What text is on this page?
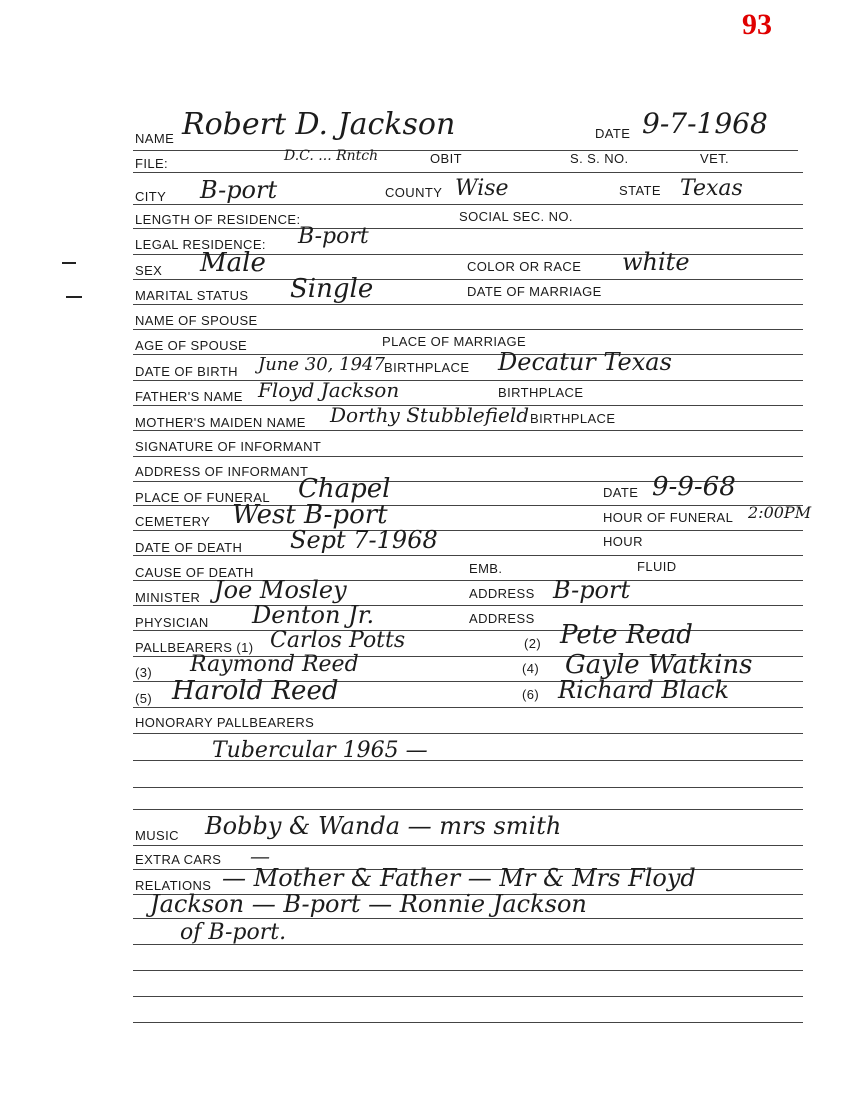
93
NAME Robert D. Jackson	DATE 9-7-1968
FILE:	D.C. ... Rntch	OBIT	S. S. NO.	VET.
CITY B-port	COUNTY Wise	STATE Texas
LENGTH OF RESIDENCE:	SOCIAL SEC. NO.
LEGAL RESIDENCE: B-port
SEX Male	COLOR OR RACE white
MARITAL STATUS Single	DATE OF MARRIAGE
NAME OF SPOUSE
AGE OF SPOUSE	PLACE OF MARRIAGE
DATE OF BIRTH June 30, 1947 BIRTHPLACE Decatur Texas
FATHER'S NAME Floyd Jackson	BIRTHPLACE
MOTHER'S MAIDEN NAME Dorthy Stubblefield BIRTHPLACE
SIGNATURE OF INFORMANT
ADDRESS OF INFORMANT
PLACE OF FUNERAL Chapel	DATE 9-9-68
CEMETERY West B-port	HOUR OF FUNERAL 2:00PM
DATE OF DEATH Sept 7-1968	HOUR
CAUSE OF DEATH	EMB.	FLUID
MINISTER Joe Mosley	ADDRESS B-port
PHYSICIAN Denton Jr.	ADDRESS
PALLBEARERS (1) Carlos Potts	(2) Pete Read
(3) Raymond Reed	(4) Gayle Watkins
(5) Harold Reed	(6) Richard Black
HONORARY PALLBEARERS
Tubercular 1965 —
MUSIC Bobby & Wanda — mrs smith
EXTRA CARS —
RELATIONS — Mother & Father — Mr & Mrs Floyd
Jackson — B-port — Ronnie Jackson
of B-port.
